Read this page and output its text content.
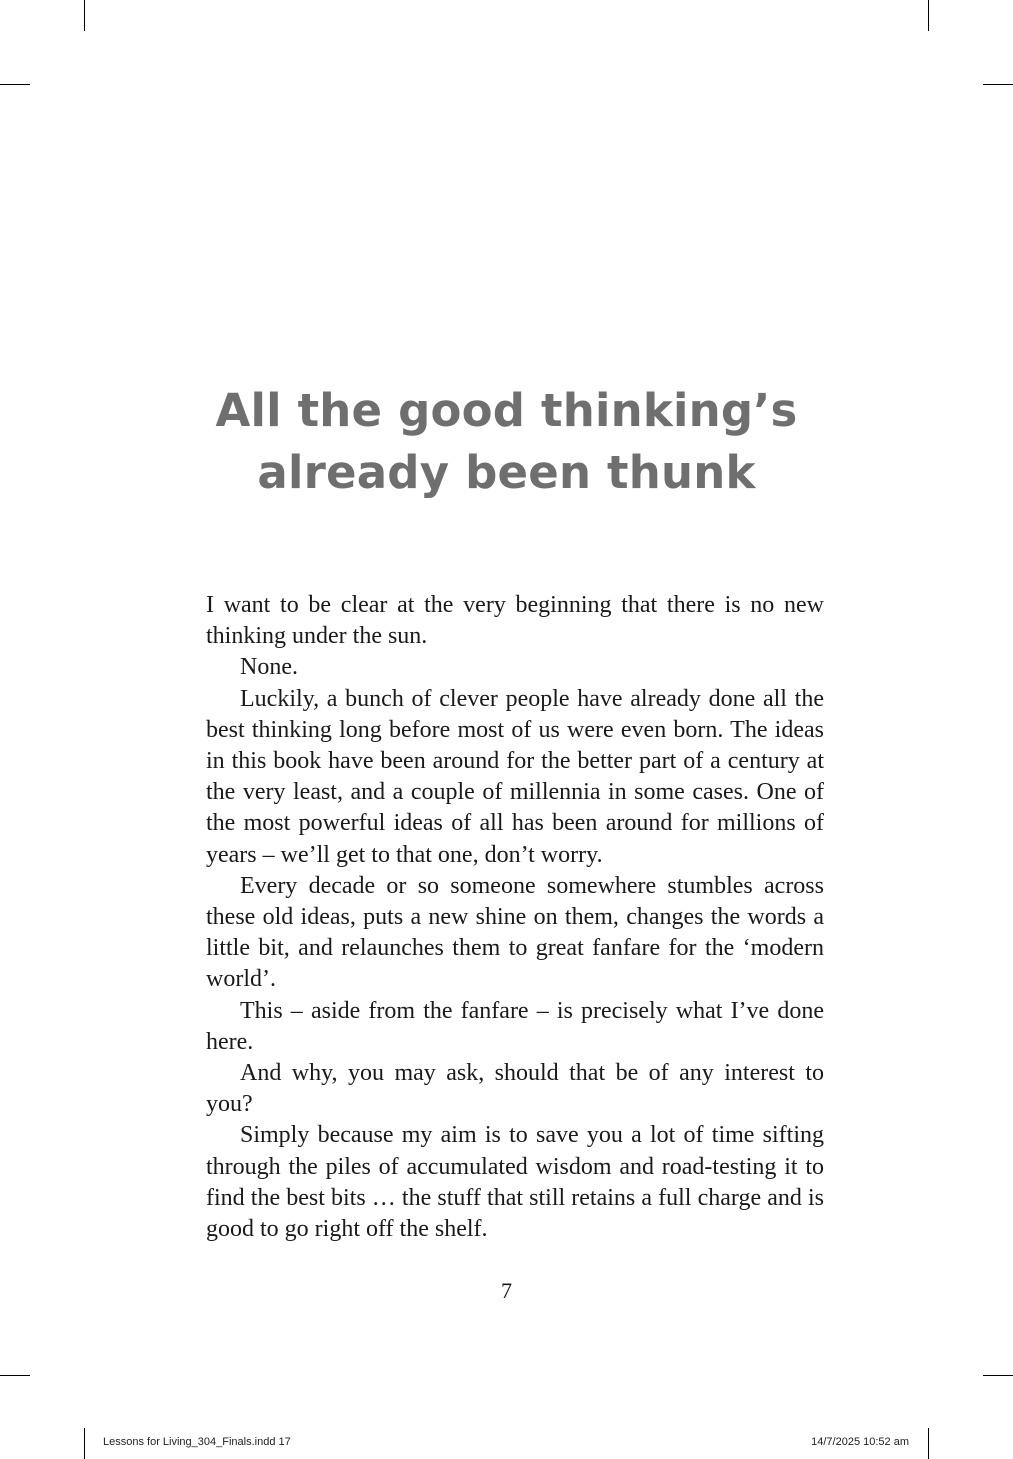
All the good thinking’s
already been thunk

I want to be clear at the very beginning that there is no new thinking under the sun.

None.

Luckily, a bunch of clever people have already done all the best thinking long before most of us were even born. The ideas in this book have been around for the better part of a century at the very least, and a couple of millennia in some cases. One of the most powerful ideas of all has been around for millions of years – we’ll get to that one, don’t worry.

Every decade or so someone somewhere stumbles across these old ideas, puts a new shine on them, changes the words a little bit, and relaunches them to great fanfare for the ‘modern world’.

This – aside from the fanfare – is precisely what I’ve done here.

And why, you may ask, should that be of any interest to you?

Simply because my aim is to save you a lot of time sifting through the piles of accumulated wisdom and road-testing it to find the best bits … the stuff that still retains a full charge and is good to go right off the shelf.

7
Lessons for Living_304_Finals.indd 17	14/7/2025 10:52 am
